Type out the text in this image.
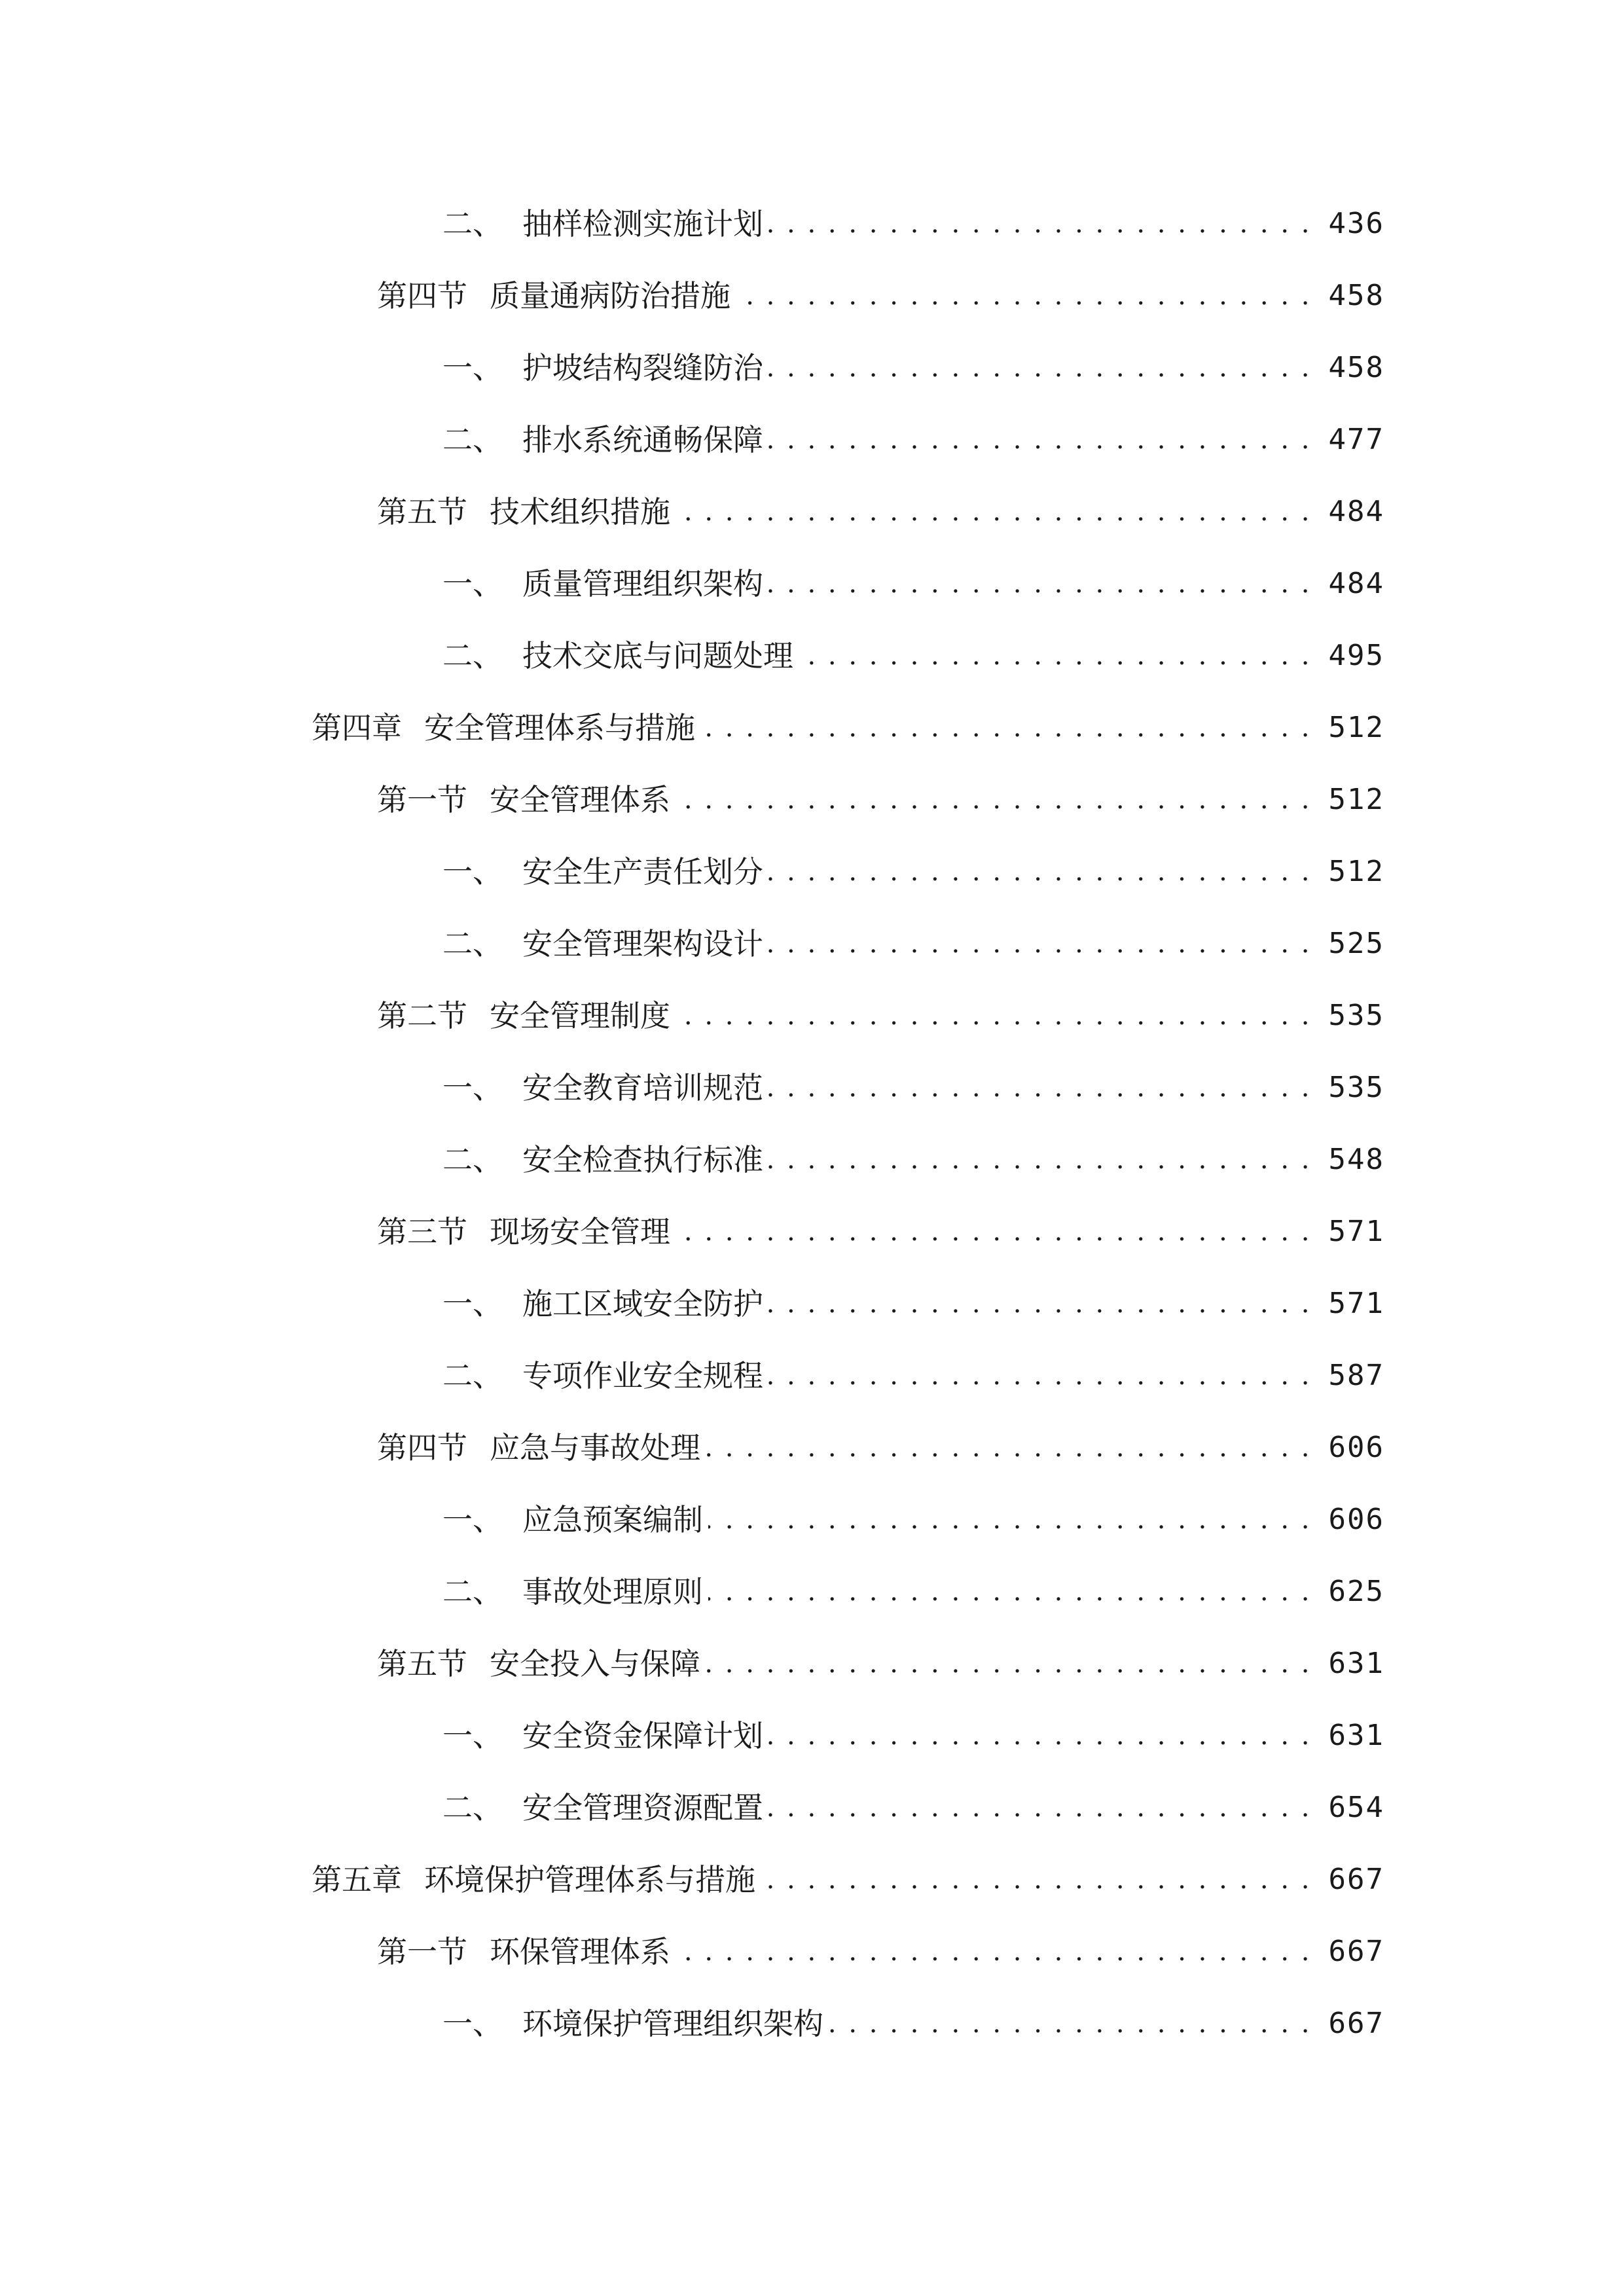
二、 抽样检测实施计划 . . .	436
第四节 质量通病防治措施 . . .	458
一、 护坡结构裂缝防治 . . .	458
二、 排水系统通畅保障 . . .	477
第五节 技术组织措施 . . .	484
一、 质量管理组织架构 . . .	484
二、 技术交底与问题处理 . . .	495
第四章 安全管理体系与措施 . . .	512
第一节 安全管理体系 . . .	512
一、 安全生产责任划分 . . .	512
二、 安全管理架构设计 . . .	525
第二节 安全管理制度 . . .	535
一、 安全教育培训规范 . . .	535
二、 安全检查执行标准 . . .	548
第三节 现场安全管理 . . .	571
一、 施工区域安全防护 . . .	571
二、 专项作业安全规程 . . .	587
第四节 应急与事故处理 . . .	606
一、 应急预案编制 . . .	606
二、 事故处理原则 . . .	625
第五节 安全投入与保障 . . .	631
一、 安全资金保障计划 . . .	631
二、 安全管理资源配置 . . .	654
第五章 环境保护管理体系与措施 . . .	667
第一节 环保管理体系 . . .	667
一、 环境保护管理组织架构 . . .	667
